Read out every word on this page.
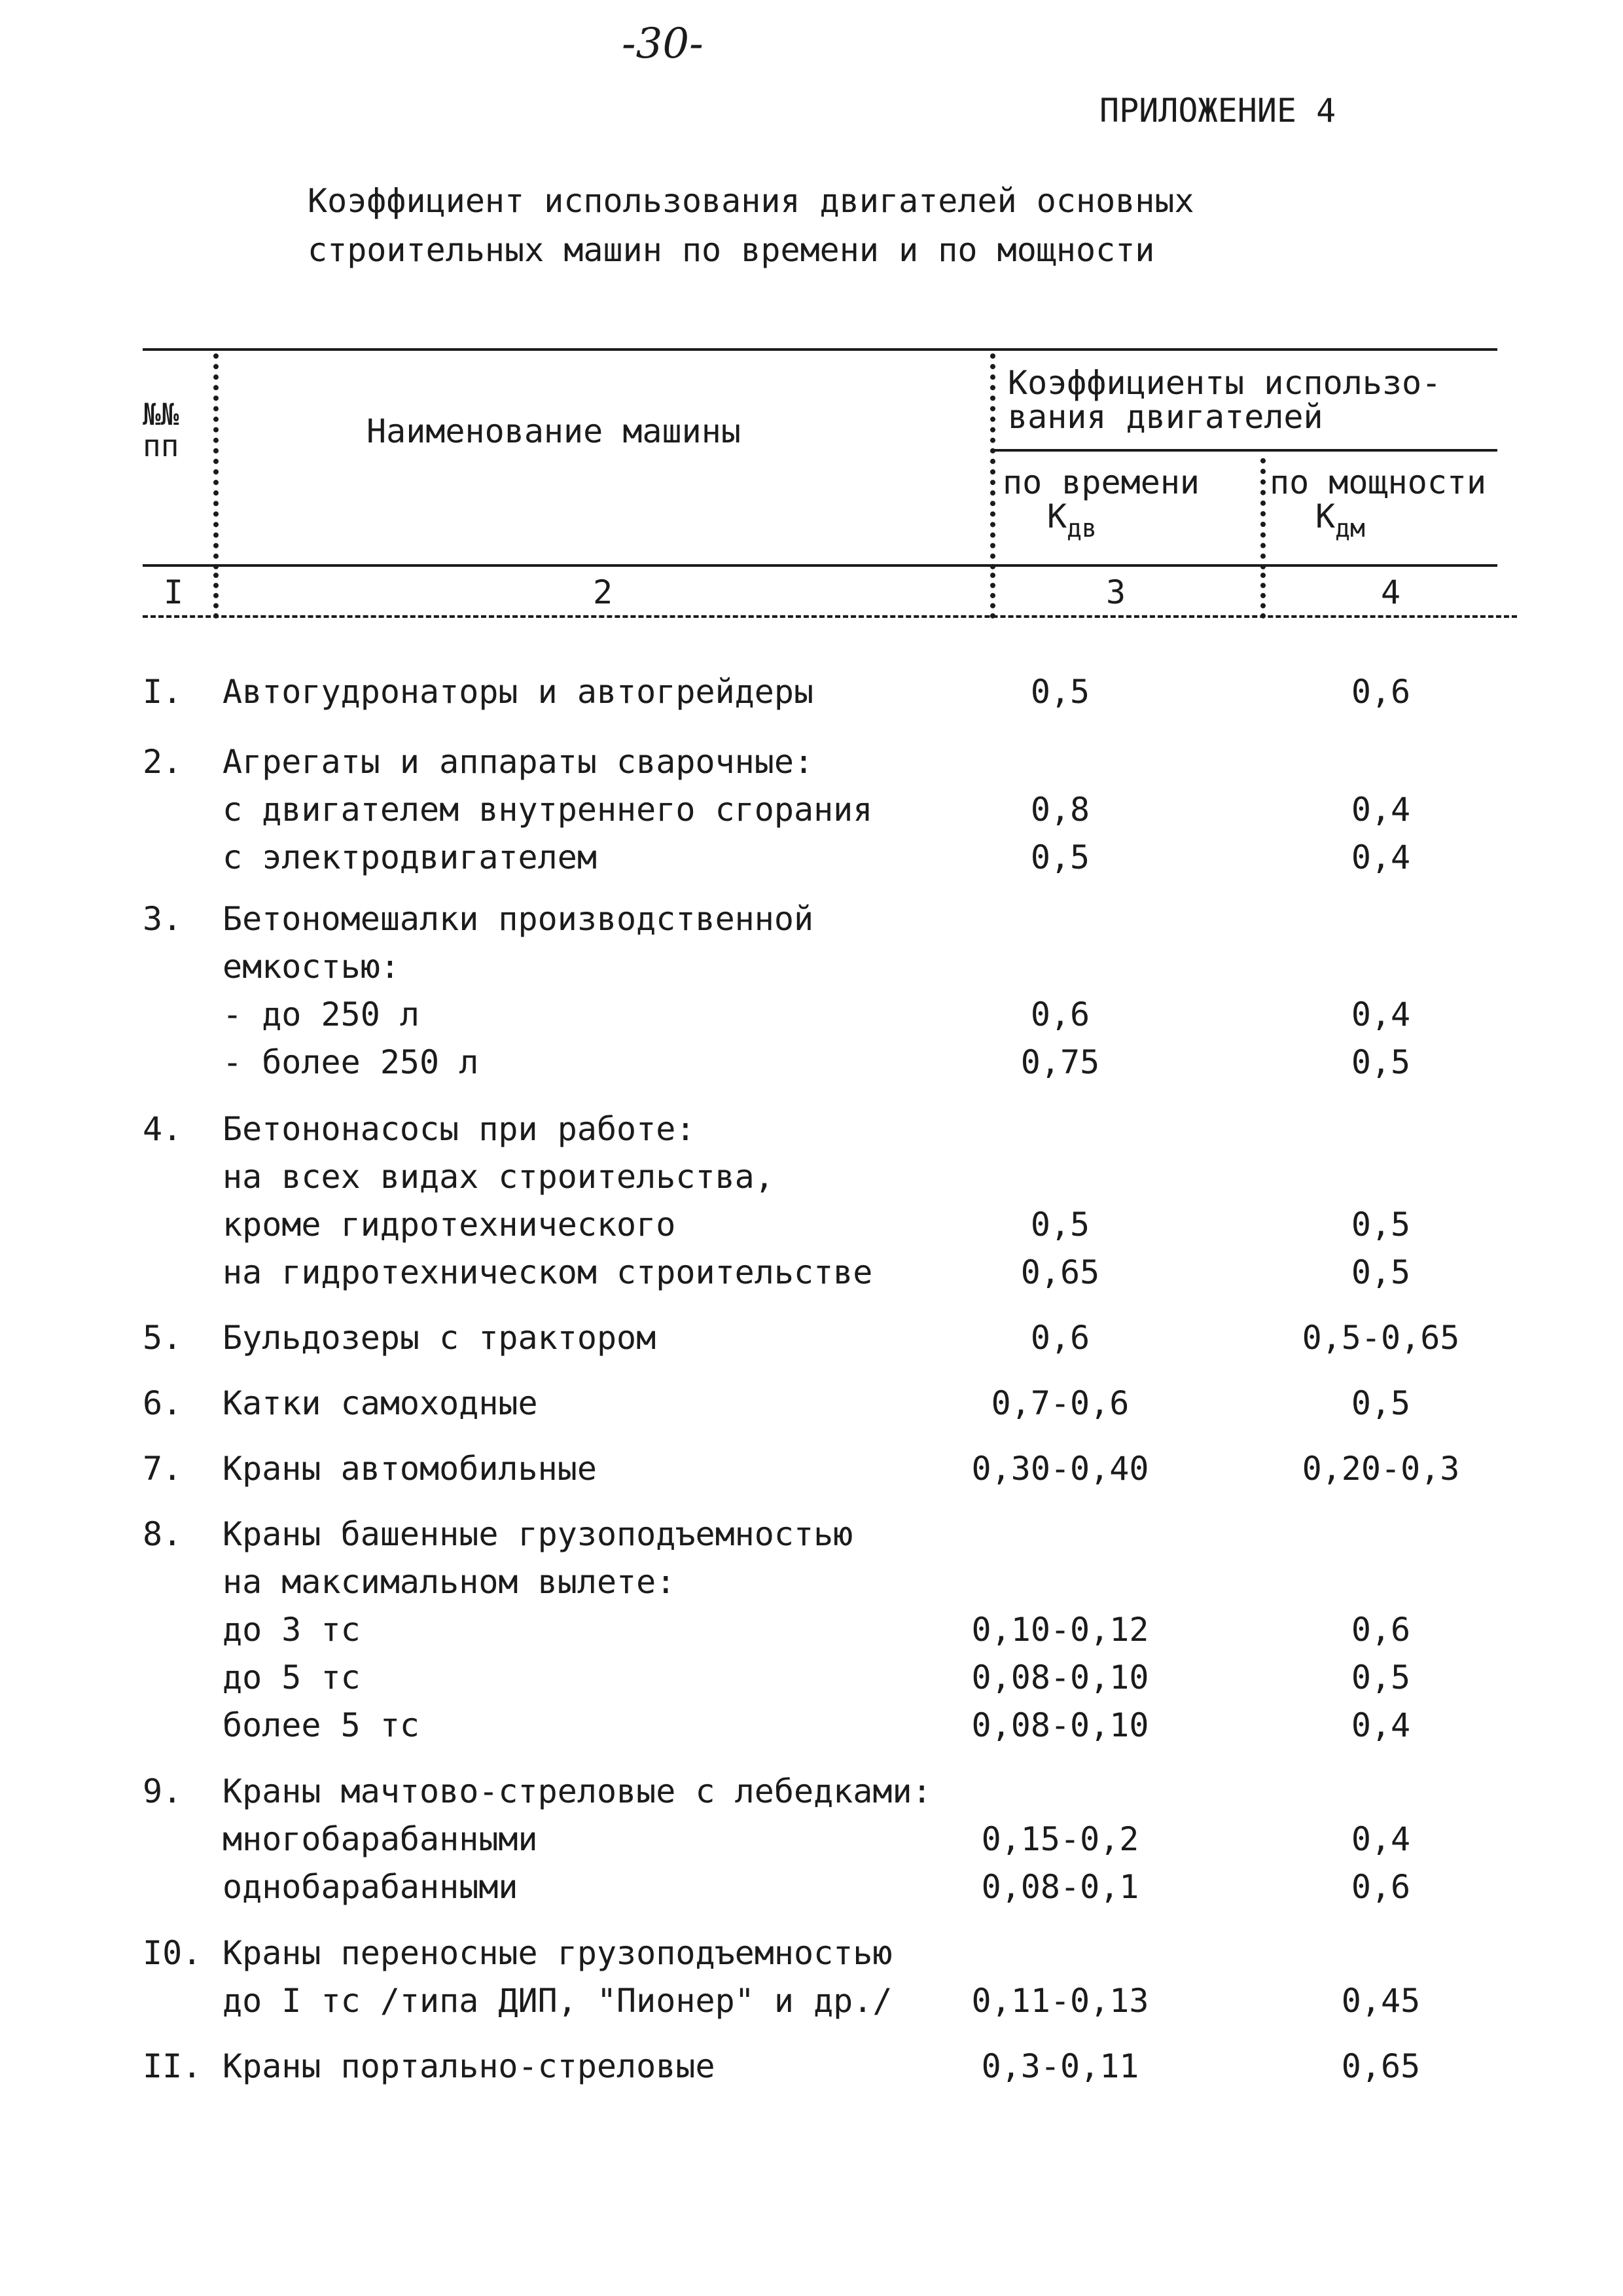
-30-
ПРИЛОЖЕНИЕ 4
Коэффициент использования двигателей основных
строительных машин по времени и по мощности
№№
пп	Наименование машины
Коэффициенты использо-
вания двигателей
по времени
$К_{дв}$
по мощности
$К_{дм}$
I	2	3	4
I.	Автогудронаторы и автогрейдеры	0,5	0,6
2.	Агрегаты и аппараты сварочные:
с двигателем внутреннего сгорания	0,8	0,4
с электродвигателем	0,5	0,4
3.	Бетономешалки производственной
емкостью:
- до 250 л	0,6	0,4
- более 250 л	0,75	0,5
4.	Бетононасосы при работе:
на всех видах строительства,
кроме гидротехнического	0,5	0,5
на гидротехническом строительстве	0,65	0,5
5.	Бульдозеры с трактором	0,6	0,5-0,65
6.	Катки самоходные	0,7-0,6	0,5
7.	Краны автомобильные	0,30-0,40	0,20-0,3
8.	Краны башенные грузоподъемностью
на максимальном вылете:
до 3 тс	0,10-0,12	0,6
до 5 тс	0,08-0,10	0,5
более 5 тс	0,08-0,10	0,4
9.	Краны мачтово-стреловые с лебедками:
многобарабанными	0,15-0,2	0,4
однобарабанными	0,08-0,1	0,6
I0. Краны переносные грузоподъемностью
до I тс /типа ДИП, "Пионер" и др./ 0,11-0,13	0,45
II. Краны портально-стреловые	0,3-0,11	0,65
